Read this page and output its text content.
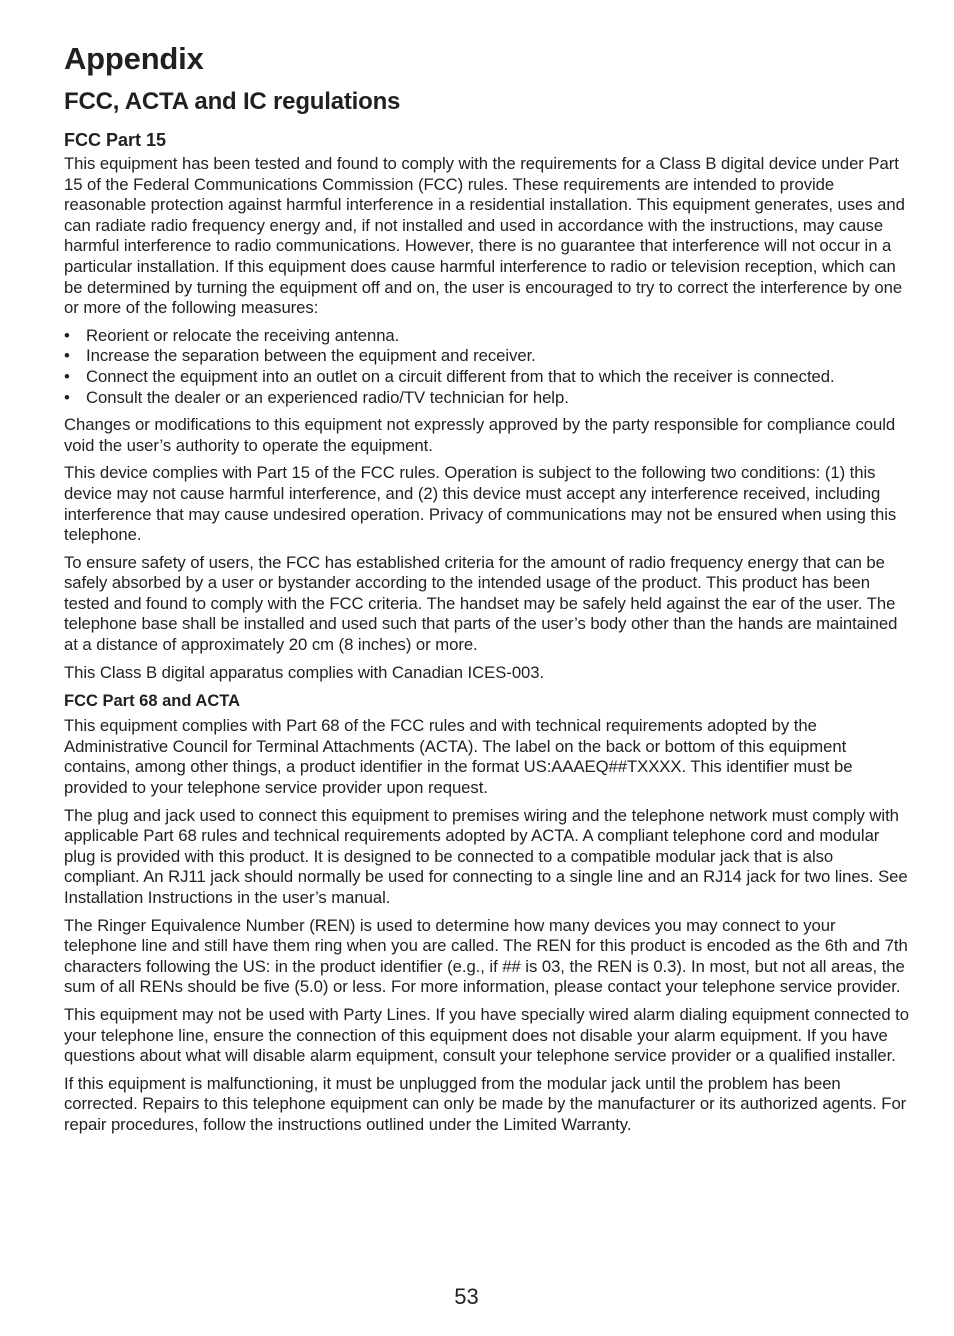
Appendix
FCC, ACTA and IC regulations
FCC Part 15

This equipment has been tested and found to comply with the requirements for a Class B digital device under Part 15 of the Federal Communications Commission (FCC) rules. These requirements are intended to provide reasonable protection against harmful interference in a residential installation. This equipment generates, uses and can radiate radio frequency energy and, if not installed and used in accordance with the instructions, may cause harmful interference to radio communications. However, there is no guarantee that interference will not occur in a particular installation. If this equipment does cause harmful interference to radio or television reception, which can be determined by turning the equipment off and on, the user is encouraged to try to correct the interference by one or more of the following measures:

• Reorient or relocate the receiving antenna.
• Increase the separation between the equipment and receiver.
• Connect the equipment into an outlet on a circuit different from that to which the receiver is connected.
• Consult the dealer or an experienced radio/TV technician for help.

Changes or modifications to this equipment not expressly approved by the party responsible for compliance could void the user’s authority to operate the equipment.

This device complies with Part 15 of the FCC rules. Operation is subject to the following two conditions: (1) this device may not cause harmful interference, and (2) this device must accept any interference received, including interference that may cause undesired operation. Privacy of communications may not be ensured when using this telephone.

To ensure safety of users, the FCC has established criteria for the amount of radio frequency energy that can be safely absorbed by a user or bystander according to the intended usage of the product. This product has been tested and found to comply with the FCC criteria. The handset may be safely held against the ear of the user. The telephone base shall be installed and used such that parts of the user’s body other than the hands are maintained at a distance of approximately 20 cm (8 inches) or more.

This Class B digital apparatus complies with Canadian ICES-003.

FCC Part 68 and ACTA

This equipment complies with Part 68 of the FCC rules and with technical requirements adopted by the Administrative Council for Terminal Attachments (ACTA). The label on the back or bottom of this equipment contains, among other things, a product identifier in the format US:AAAEQ##TXXXX. This identifier must be provided to your telephone service provider upon request.

The plug and jack used to connect this equipment to premises wiring and the telephone network must comply with applicable Part 68 rules and technical requirements adopted by ACTA. A compliant telephone cord and modular plug is provided with this product. It is designed to be connected to a compatible modular jack that is also compliant. An RJ11 jack should normally be used for connecting to a single line and an RJ14 jack for two lines. See Installation Instructions in the user’s manual.

The Ringer Equivalence Number (REN) is used to determine how many devices you may connect to your telephone line and still have them ring when you are called. The REN for this product is encoded as the 6th and 7th characters following the US: in the product identifier (e.g., if ## is 03, the REN is 0.3). In most, but not all areas, the sum of all RENs should be five (5.0) or less. For more information, please contact your telephone service provider.

This equipment may not be used with Party Lines. If you have specially wired alarm dialing equipment connected to your telephone line, ensure the connection of this equipment does not disable your alarm equipment. If you have questions about what will disable alarm equipment, consult your telephone service provider or a qualified installer.

If this equipment is malfunctioning, it must be unplugged from the modular jack until the problem has been corrected. Repairs to this telephone equipment can only be made by the manufacturer or its authorized agents. For repair procedures, follow the instructions outlined under the Limited Warranty.

53
